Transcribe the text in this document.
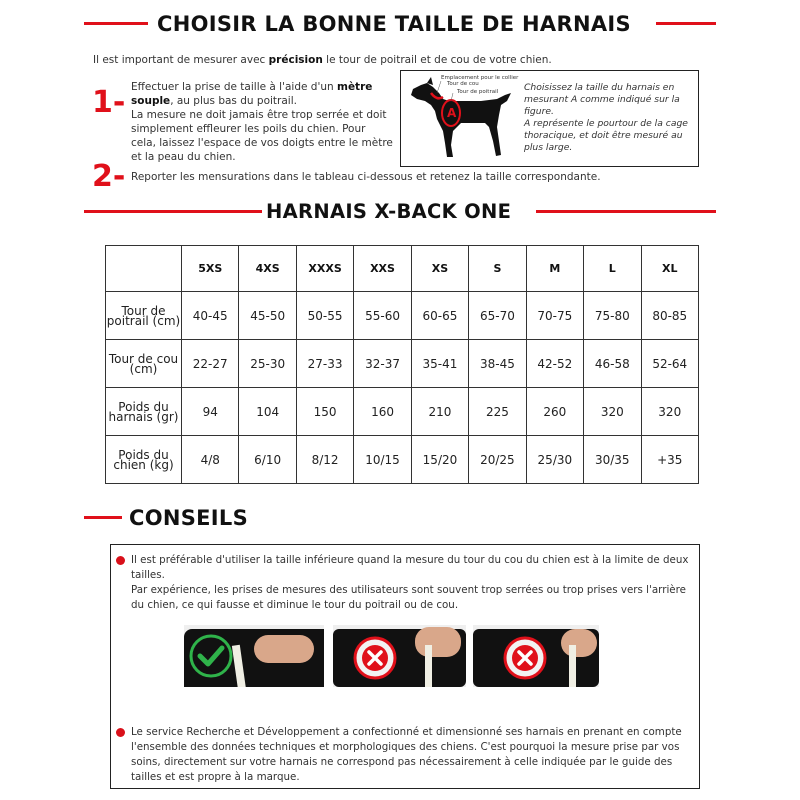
CHOISIR LA BONNE TAILLE DE HARNAIS
Il est important de mesurer avec précision le tour de poitrail et de cou de votre chien.
1- Effectuer la prise de taille à l'aide d'un mètre
souple, au plus bas du poitrail.
La mesure ne doit jamais être trop serrée et doit simplement effleurer les poils du chien. Pour cela, laissez l'espace de vos doigts entre le mètre et la peau du chien.
Emplacement pour le collier
Tour de cou
Tour de poitrail
A
Choisissez la taille du harnais en mesurant A comme indiqué sur la figure.
A représente le pourtour de la cage thoracique, et doit être mesuré au plus large.
2- Reporter les mensurations dans le tableau ci-dessous et retenez la taille correspondante.
HARNAIS X-BACK ONE
	5XS	4XS	XXXS	XXS	XS	S	M	L	XL
Tour de poitrail (cm)	40-45	45-50	50-55	55-60	60-65	65-70	70-75	75-80	80-85
Tour de cou (cm)	22-27	25-30	27-33	32-37	35-41	38-45	42-52	46-58	52-64
Poids du harnais (gr)	94	104	150	160	210	225	260	320	320
Poids du chien (kg)	4/8	6/10	8/12	10/15	15/20	20/25	25/30	30/35	+35
CONSEILS
Il est préférable d'utiliser la taille inférieure quand la mesure du tour du cou du chien est à la limite de deux tailles.
Par expérience, les prises de mesures des utilisateurs sont souvent trop serrées ou trop prises vers l'arrière du chien, ce qui fausse et diminue le tour du poitrail ou de cou.
Le service Recherche et Développement a confectionné et dimensionné ses harnais en prenant en compte l'ensemble des données techniques et morphologiques des chiens. C'est pourquoi la mesure prise par vos soins, directement sur votre harnais ne correspond pas nécessairement à celle indiquée par le guide des tailles et est propre à la marque.
